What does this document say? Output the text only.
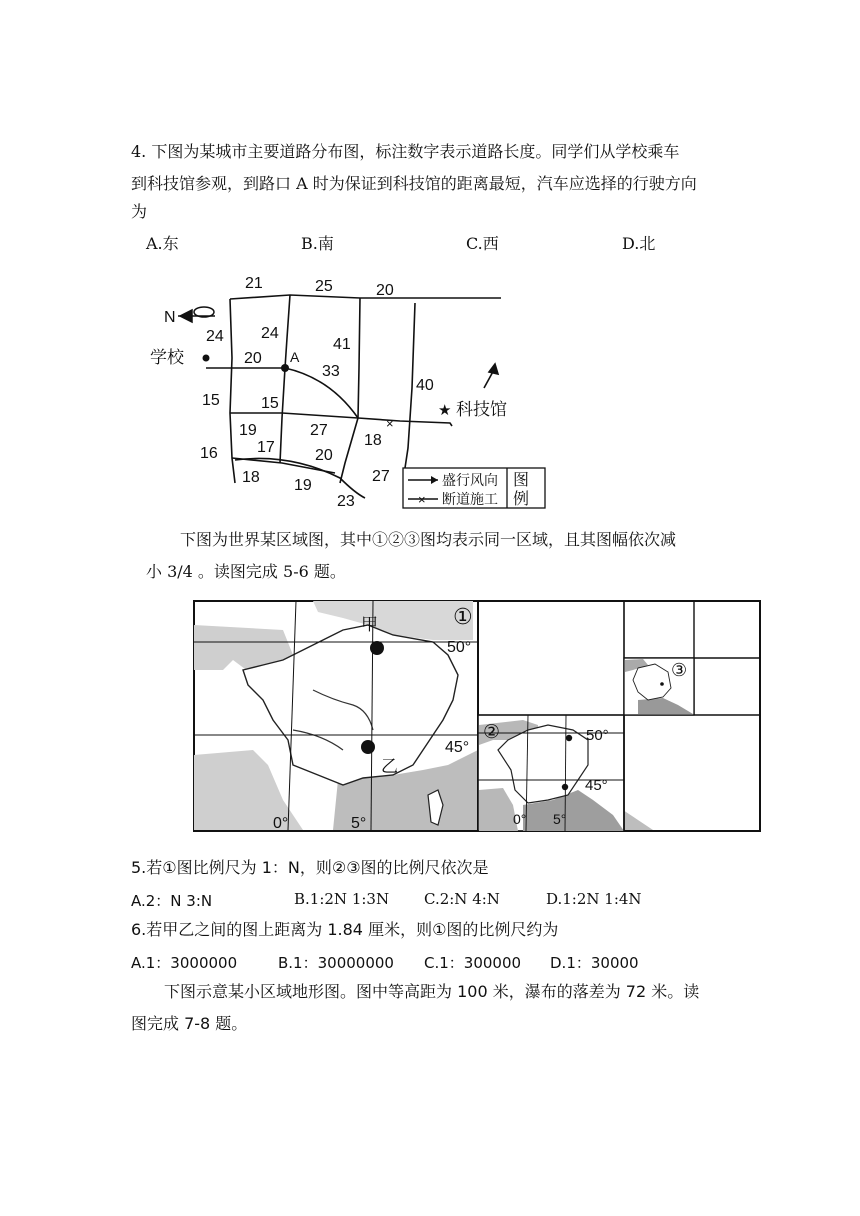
4. 下图为某城市主要道路分布图，标注数字表示道路长度。同学们从学校乘车
到科技馆参观，到路口 A 时为保证到科技馆的距离最短，汽车应选择的行驶方向
为
A.东	B.南	C.西	D.北
×
A
学校
★ 科技馆
N
21	25	20
24 24
41
20
33
40
15	15
19	27
18
17
16	20
18 19
27
23
盛行风向
× 断道施工
图
例
下图为世界某区域图，其中①②③图均表示同一区域，且其图幅依次减
小 3/4 。读图完成 5-6 题。
甲
乙
50°
45°
0°	5°
①
②	50°
45°
0° 5°
③
5.若①图比例尺为 1：N，则②③图的比例尺依次是
A.2：N 3:N	B.1:2N 1:3N C.2:N 4:N	D.1:2N 1:4N
6.若甲乙之间的图上距离为 1.84 厘米，则①图的比例尺约为
A.1：3000000	B.1：30000000 C.1：300000 D.1：30000
下图示意某小区域地形图。图中等高距为 100 米，瀑布的落差为 72 米。读
图完成 7-8 题。
